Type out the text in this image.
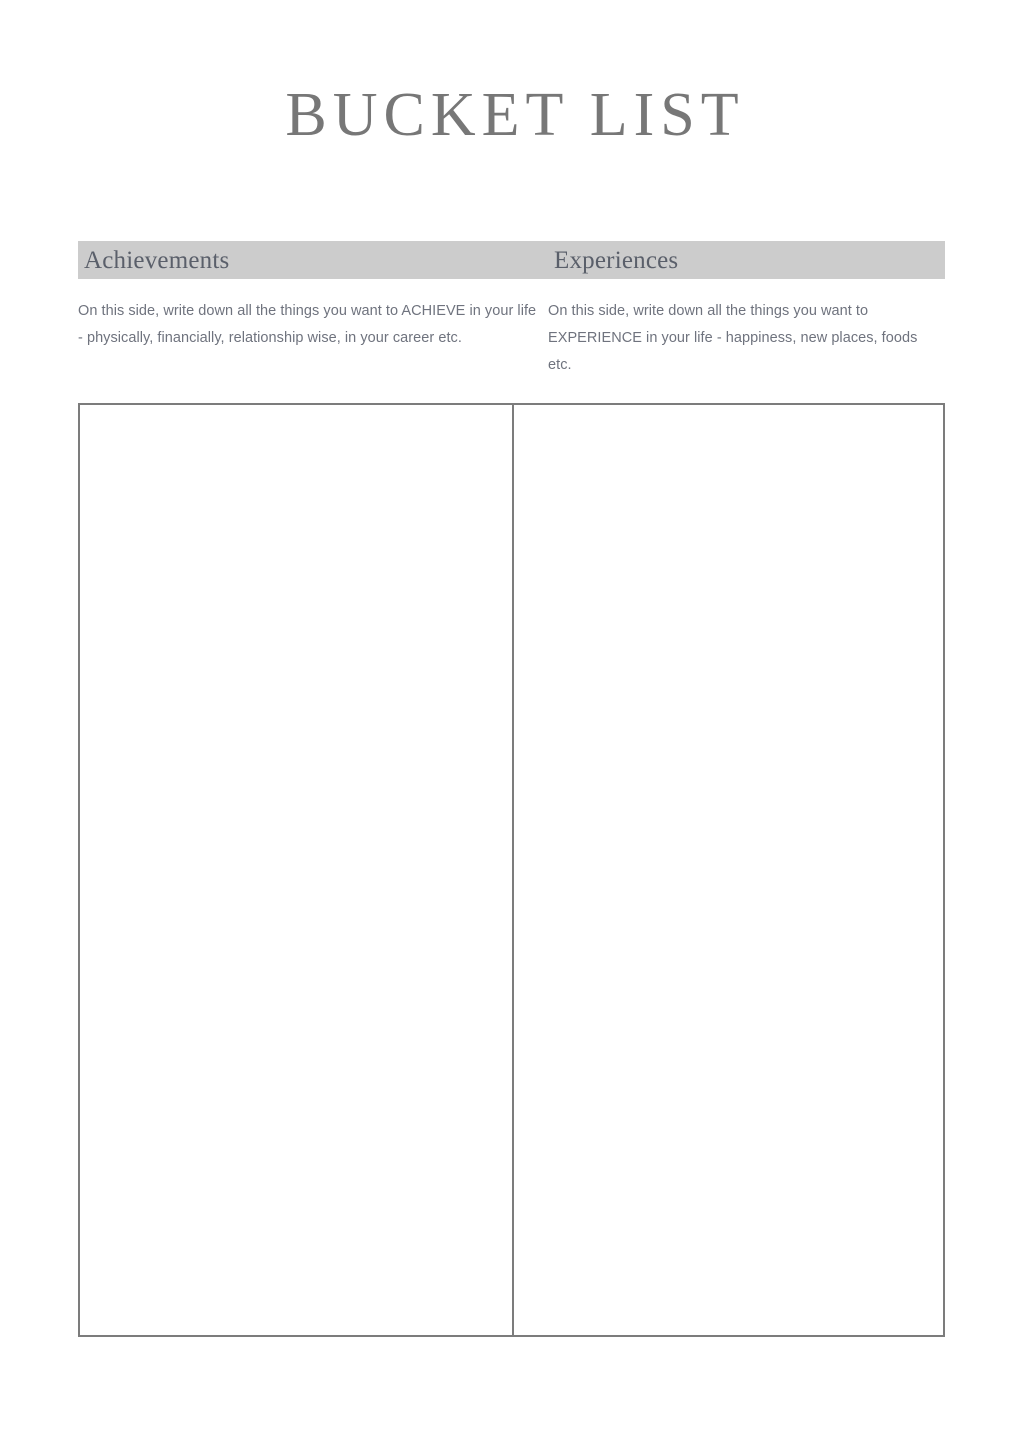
BUCKET LIST
Achievements	Experiences

On this side, write down all the things you want to ACHIEVE in your life - physically, financially, relationship wise, in your career etc.

On this side, write down all the things you want to EXPERIENCE in your life - happiness, new places, foods etc.
